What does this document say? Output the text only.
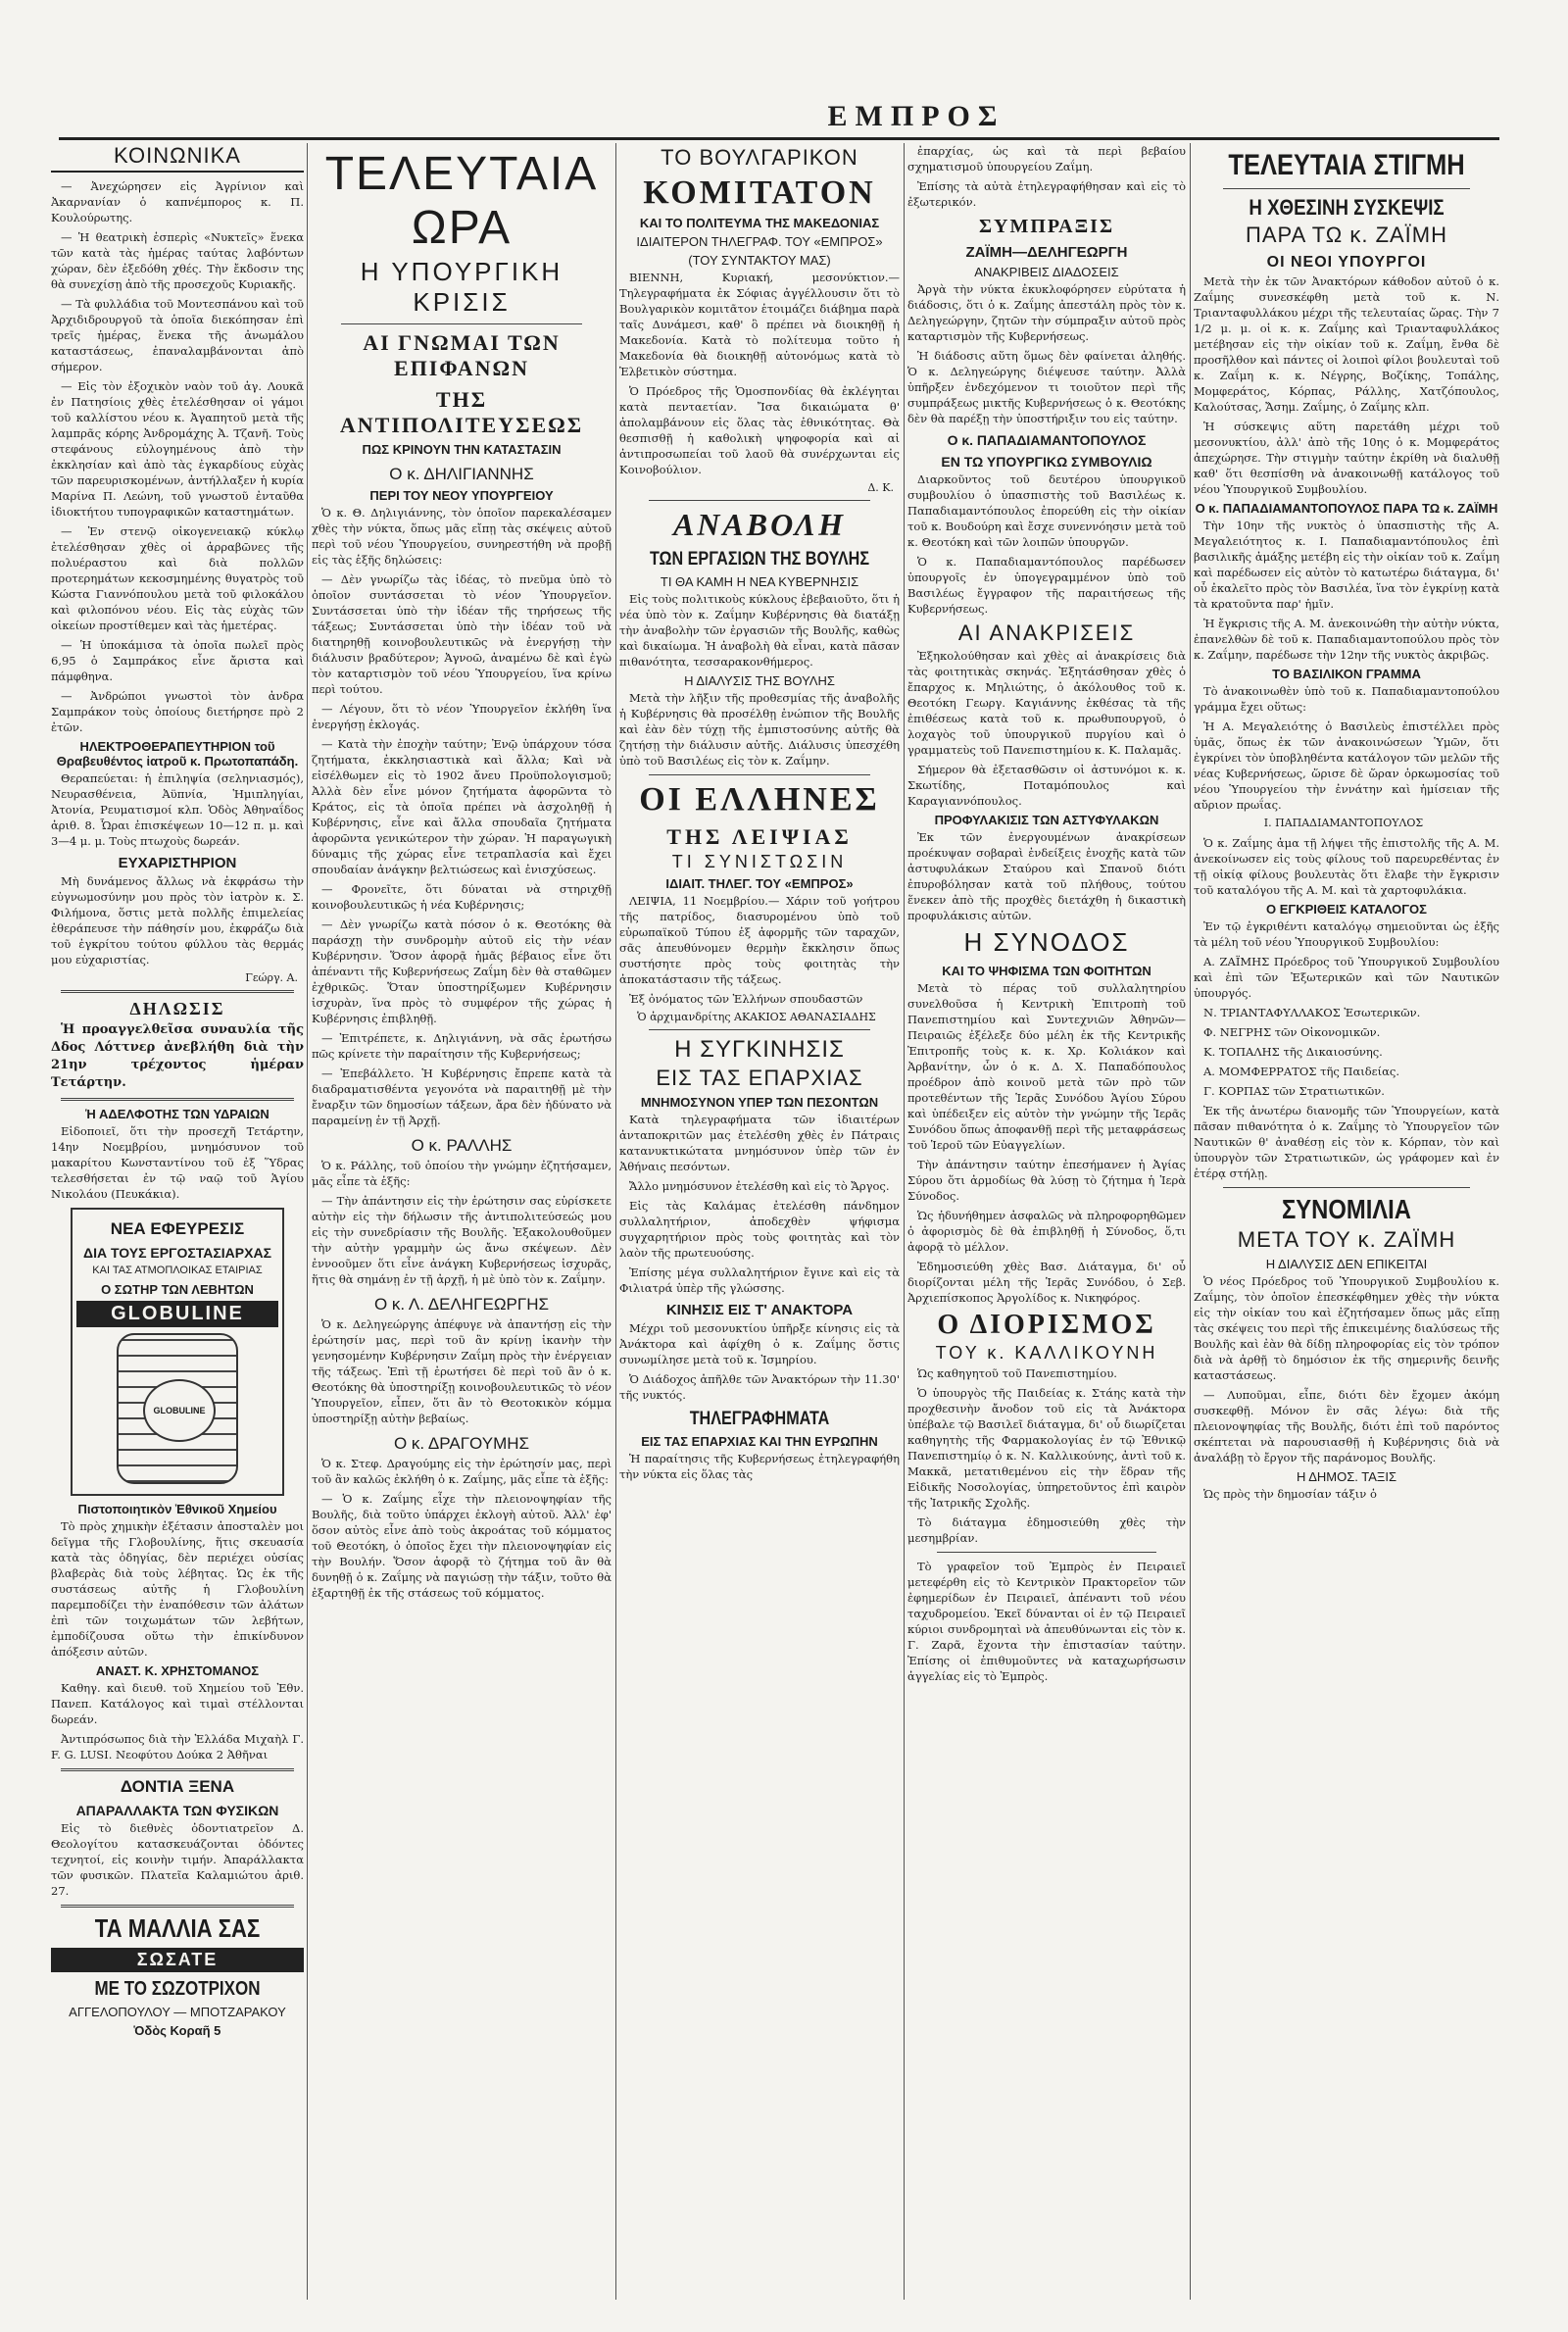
ΕΜΠΡΟΣ
ΚΟΙΝΩΝΙΚΑ

— Ἀνεχώρησεν εἰς Ἀγρίνιον καὶ Ἀκαρνανίαν ὁ καπνέμπορος κ. Π. Κουλούρωτης.

— Ἡ θεατρικὴ ἑσπερὶς «Νυκτεῖς» ἕνεκα τῶν κατὰ τὰς ἡμέρας ταύτας λαβόντων χώραν, δὲν ἐξεδόθη χθές. Τὴν ἔκδοσιν της θὰ συνεχίσῃ ἀπὸ τῆς προσεχοῦς Κυριακῆς.

— Τὰ φυλλάδια τοῦ Μοντεσπάνου καὶ τοῦ Ἀρχιδιδρουργοῦ τὰ ὁποῖα διεκόπησαν ἐπὶ τρεῖς ἡμέρας, ἕνεκα τῆς ἀνωμάλου καταστάσεως, ἐπαναλαμβάνονται ἀπὸ σήμερον.

— Εἰς τὸν ἐξοχικὸν ναὸν τοῦ ἁγ. Λουκᾶ ἐν Πατησίοις χθὲς ἐτελέσθησαν οἱ γάμοι τοῦ καλλίστου νέου κ. Ἀγαπητοῦ μετὰ τῆς λαμπρᾶς κόρης Ἀνδρομάχης Ἀ. Τζανῆ. Τοὺς στεφάνους εὐλογημένους ἀπὸ τὴν ἐκκλησίαν καὶ ἀπὸ τὰς ἐγκαρδίους εὐχὰς τῶν παρευρισκομένων, ἀντήλλαξεν ἡ κυρία Μαρίνα Π. Λεώνη, τοῦ γνωστοῦ ἐνταῦθα ἰδιοκτήτου τυπογραφικῶν καταστημάτων.

— Ἐν στενῷ οἰκογενειακῷ κύκλῳ ἐτελέσθησαν χθὲς οἱ ἀρραβῶνες τῆς πολυέραστου καὶ διὰ πολλῶν προτερημάτων κεκοσμημένης θυγατρὸς τοῦ Κώστα Γιαννόπουλου μετὰ τοῦ φιλοκάλου καὶ φιλοπόνου νέου. Εἰς τὰς εὐχὰς τῶν οἰκείων προστίθεμεν καὶ τὰς ἡμετέρας.

— Ἡ ὑποκάμισα τὰ ὁποῖα πωλεῖ πρὸς 6,95 ὁ Σαμπράκος εἶνε ἄριστα καὶ πάμφθηνα.

— Ἀνδρώποι γνωστοὶ τὸν ἀνδρα Σαμπράκον τοὺς ὁποίους διετήρησε πρὸ 2 ἐτῶν.

ΗΛΕΚΤΡΟΘΕΡΑΠΕΥΤΗΡΙΟΝ τοῦ Θραβευθέντος ἰατροῦ κ. Πρωτοπαπάδη.

Θεραπεύεται: ἡ ἐπιληψία (σεληνιασμός), Νευρασθένεια, Ἀϋπνία, Ἡμιπληγίαι, Ἀτονία, Ρευματισμοί κλπ. Ὁδὸς Ἀθηναΐδος ἀριθ. 8. Ὧραι ἐπισκέψεων 10—12 π. μ. καὶ 3—4 μ. μ. Τοὺς πτωχοὺς δωρεάν.

ΕΥΧΑΡΙΣΤΗΡΙΟΝ

Μὴ δυνάμενος ἄλλως νὰ ἐκφράσω τὴν εὐγνωμοσύνην μου πρὸς τὸν ἰατρὸν κ. Σ. Φιλήμονα, ὅστις μετὰ πολλῆς ἐπιμελείας ἐθεράπευσε τὴν πάθησίν μου, ἐκφράζω διὰ τοῦ ἐγκρίτου τούτου φύλλου τὰς θερμάς μου εὐχαριστίας.

Γεώργ. Α.
ΔΗΛΩΣΙΣ

Ἡ προαγγελθεῖσα συναυλία τῆς Δδος Λόττνερ ἀνεβλήθη διὰ τὴν 21ην τρέχοντος ἡμέραν Τετάρτην.

Ἡ ΑΔΕΛΦΟΤΗΣ ΤΩΝ ΥΔΡΑΙΩΝ

Εἰδοποιεῖ, ὅτι τὴν προσεχῆ Τετάρτην, 14ην Νοεμβρίου, μνημόσυνον τοῦ μακαρίτου Κωνσταντίνου τοῦ ἐξ Ὕδρας τελεσθήσεται ἐν τῷ ναῷ τοῦ Ἁγίου Νικολάου (Πευκάκια).

ΝΕΑ ΕΦΕΥΡΕΣΙΣ
ΔΙΑ ΤΟΥΣ ΕΡΓΟΣΤΑΣΙΑΡΧΑΣ
ΚΑΙ ΤΑΣ ΑΤΜΟΠΛΟΙΚΑΣ ΕΤΑΙΡΙΑΣ
Ο ΣΩΤΗΡ ΤΩΝ ΛΕΒΗΤΩΝ
GLOBULINE
GLOBULINE
Πιστοποιητικὸν Ἐθνικοῦ Χημείου

Τὸ πρὸς χημικὴν ἐξέτασιν ἀποσταλὲν μοι δεῖγμα τῆς Γλοβουλίνης, ἥτις σκευασία κατὰ τὰς ὁδηγίας, δὲν περιέχει οὐσίας βλαβερὰς διὰ τοὺς λέβητας. Ὡς ἐκ τῆς συστάσεως αὐτῆς ἡ Γλοβουλίνη παρεμποδίζει τὴν ἐναπόθεσιν τῶν ἀλάτων ἐπὶ τῶν τοιχωμάτων τῶν λεβήτων, ἐμποδίζουσα οὕτω τὴν ἐπικίνδυνον ἀπόξεσιν αὐτῶν.

ΑΝΑΣΤ. Κ. ΧΡΗΣΤΟΜΑΝΟΣ

Καθηγ. καὶ διευθ. τοῦ Χημείου τοῦ Ἐθν. Πανεπ. Κατάλογος καὶ τιμαὶ στέλλονται δωρεάν.

Ἀντιπρόσωπος διὰ τὴν Ἑλλάδα Μιχαὴλ Γ. F. G. LUSI. Νεοφύτου Δούκα 2 Ἀθῆναι

ΔΟΝΤΙΑ ΞΕΝΑ
ΑΠΑΡΑΛΛΑΚΤΑ ΤΩΝ ΦΥΣΙΚΩΝ

Εἰς τὸ διεθνὲς ὀδοντιατρεῖον Δ. Θεολογίτου κατασκευάζονται ὀδόντες τεχνητοί, εἰς κοινὴν τιμήν. Ἀπαράλλακτα τῶν φυσικῶν. Πλατεῖα Καλαμιώτου ἀριθ. 27.

ΤΑ ΜΑΛΛΙΑ ΣΑΣ
ΣΩΣΑΤΕ
ΜΕ ΤΟ ΣΩΖΟΤΡΙΧΟΝ
ΑΓΓΕΛΟΠΟΥΛΟΥ — ΜΠΟΤΖΑΡΑΚΟΥ
Ὁδὸς Κοραῆ 5
ΤΕΛΕΥΤΑΙΑ ΩΡΑ
Η ΥΠΟΥΡΓΙΚΗ ΚΡΙΣΙΣ
ΑΙ ΓΝΩΜΑΙ ΤΩΝ ΕΠΙΦΑΝΩΝ
ΤΗΣ ΑΝΤΙΠΟΛΙΤΕΥΣΕΩΣ
ΠΩΣ ΚΡΙΝΟΥΝ ΤΗΝ ΚΑΤΑΣΤΑΣΙΝ
Ο κ. ΔΗΛΙΓΙΑΝΝΗΣ
ΠΕΡΙ ΤΟΥ ΝΕΟΥ ΥΠΟΥΡΓΕΙΟΥ

Ὁ κ. Θ. Δηλιγιάννης, τὸν ὁποῖον παρεκαλέσαμεν χθὲς τὴν νύκτα, ὅπως μᾶς εἴπῃ τὰς σκέψεις αὐτοῦ περὶ τοῦ νέου Ὑπουργείου, συνηρεστήθη νὰ προβῇ εἰς τὰς ἑξῆς δηλώσεις:

— Δὲν γνωρίζω τὰς ἰδέας, τὸ πνεῦμα ὑπὸ τὸ ὁποῖον συντάσσεται τὸ νέον Ὑπουργεῖον. Συντάσσεται ὑπὸ τὴν ἰδέαν τῆς τηρήσεως τῆς τάξεως; Συντάσσεται ὑπὸ τὴν ἰδέαν τοῦ νὰ διατηρηθῇ κοινοβουλευτικῶς νὰ ἐνεργήσῃ τὴν διάλυσιν βραδύτερον; Ἀγνοῶ, ἀναμένω δὲ καὶ ἐγὼ τὸν καταρτισμὸν τοῦ νέου Ὑπουργείου, ἵνα κρίνω περὶ τούτου.

— Λέγουν, ὅτι τὸ νέον Ὑπουργεῖον ἐκλήθη ἵνα ἐνεργήσῃ ἐκλογάς.

— Κατὰ τὴν ἐποχὴν ταύτην; Ἐνῷ ὑπάρχουν τόσα ζητήματα, ἐκκλησιαστικὰ καὶ ἄλλα; Καὶ νὰ εἰσέλθωμεν εἰς τὸ 1902 ἄνευ Προϋπολογισμοῦ; Ἀλλὰ δὲν εἶνε μόνον ζητήματα ἀφορῶντα τὸ Κράτος, εἰς τὰ ὁποῖα πρέπει νὰ ἀσχοληθῇ ἡ Κυβέρνησις, εἶνε καὶ ἄλλα σπουδαῖα ζητήματα ἀφορῶντα γενικώτερον τὴν χώραν. Ἡ παραγωγικὴ δύναμις τῆς χώρας εἶνε τετραπλασία καὶ ἔχει σπουδαίαν ἀνάγκην βελτιώσεως καὶ ἐνισχύσεως.

— Φρονεῖτε, ὅτι δύναται νὰ στηριχθῇ κοινοβουλευτικῶς ἡ νέα Κυβέρνησις;

— Δὲν γνωρίζω κατὰ πόσον ὁ κ. Θεοτόκης θὰ παράσχῃ τὴν συνδρομὴν αὐτοῦ εἰς τὴν νέαν Κυβέρνησιν. Ὅσον ἀφορᾷ ἡμᾶς βέβαιος εἶνε ὅτι ἀπέναντι τῆς Κυβερνήσεως Ζαΐμη δὲν θὰ σταθῶμεν ἐχθρικῶς. Ὅταν ὑποστηρίξωμεν Κυβέρνησιν ἰσχυρὰν, ἵνα πρὸς τὸ συμφέρον τῆς χώρας ἡ Κυβέρνησις ἐπιβληθῇ.

— Ἐπιτρέπετε, κ. Δηλιγιάννη, νὰ σᾶς ἐρωτήσω πῶς κρίνετε τὴν παραίτησιν τῆς Κυβερνήσεως;

— Ἐπεβάλλετο. Ἡ Κυβέρνησις ἔπρεπε κατὰ τὰ διαδραματισθέντα γεγονότα νὰ παραιτηθῇ μὲ τὴν ἔναρξιν τῶν δημοσίων τάξεων, ἄρα δὲν ἠδύνατο νὰ παραμείνῃ ἐν τῇ Ἀρχῇ.

Ο κ. ΡΑΛΛΗΣ

Ὁ κ. Ράλλης, τοῦ ὁποίου τὴν γνώμην ἐζητήσαμεν, μᾶς εἶπε τὰ ἑξῆς:

— Τὴν ἀπάντησιν εἰς τὴν ἐρώτησιν σας εὑρίσκετε αὐτὴν εἰς τὴν δήλωσιν τῆς ἀντιπολιτεύσεώς μου εἰς τὴν συνεδρίασιν τῆς Βουλῆς. Ἐξακολουθοῦμεν τὴν αὐτὴν γραμμὴν ὡς ἄνω σκέψεων. Δὲν ἐννοοῦμεν ὅτι εἶνε ἀνάγκη Κυβερνήσεως ἰσχυρᾶς, ἥτις θὰ σημάνῃ ἐν τῇ ἀρχῇ, ἡ μὲ ὑπὸ τὸν κ. Ζαΐμην.

Ο κ. Λ. ΔΕΛΗΓΕΩΡΓΗΣ

Ὁ κ. Δεληγεώργης ἀπέφυγε νὰ ἀπαντήσῃ εἰς τὴν ἐρώτησίν μας, περὶ τοῦ ἂν κρίνῃ ἱκανὴν τὴν γενησομένην Κυβέρνησιν Ζαΐμη πρὸς τὴν ἐνέργειαν τῆς τάξεως. Ἐπὶ τῇ ἐρωτήσει δὲ περὶ τοῦ ἂν ὁ κ. Θεοτόκης θὰ ὑποστηρίξῃ κοινοβουλευτικῶς τὸ νέον Ὑπουργεῖον, εἶπεν, ὅτι ἂν τὸ Θεοτοκικὸν κόμμα ὑποστηρίξῃ αὐτὴν βεβαίως.

Ο κ. ΔΡΑΓΟΥΜΗΣ

Ὁ κ. Στεφ. Δραγούμης εἰς τὴν ἐρώτησίν μας, περὶ τοῦ ἂν καλῶς ἐκλήθη ὁ κ. Ζαΐμης, μᾶς εἶπε τὰ ἑξῆς:

— Ὁ κ. Ζαΐμης εἶχε τὴν πλειονοψηφίαν τῆς Βουλῆς, διὰ τοῦτο ὑπάρχει ἐκλογὴ αὐτοῦ. Ἀλλ' ἐφ' ὅσον αὐτὸς εἶνε ἀπὸ τοὺς ἀκροάτας τοῦ κόμματος τοῦ Θεοτόκη, ὁ ὁποῖος ἔχει τὴν πλειονοψηφίαν εἰς τὴν Βουλήν. Ὅσον ἀφορᾷ τὸ ζήτημα τοῦ ἂν θὰ δυνηθῇ ὁ κ. Ζαΐμης νὰ παγιώσῃ τὴν τάξιν, τοῦτο θὰ ἐξαρτηθῇ ἐκ τῆς στάσεως τοῦ κόμματος.

ΤΟ ΒΟΥΛΓΑΡΙΚΟΝ
ΚΟΜΙΤΑΤΟΝ
ΚΑΙ ΤΟ ΠΟΛΙΤΕΥΜΑ ΤΗΣ ΜΑΚΕΔΟΝΙΑΣ
ΙΔΙΑΙΤΕΡΟΝ ΤΗΛΕΓΡΑΦ. ΤΟΥ «ΕΜΠΡΟΣ»
(ΤΟΥ ΣΥΝΤΑΚΤΟΥ ΜΑΣ)

ΒΙΕΝΝΗ, Κυριακή, μεσονύκτιον.— Τηλεγραφήματα ἐκ Σόφιας ἀγγέλλουσιν ὅτι τὸ Βουλγαρικὸν κομιτᾶτον ἑτοιμάζει διάβημα παρὰ ταῖς Δυνάμεσι, καθ' ὃ πρέπει νὰ διοικηθῇ ἡ Μακεδονία. Κατὰ τὸ πολίτευμα τοῦτο ἡ Μακεδονία θὰ διοικηθῇ αὐτονόμως κατὰ τὸ Ἑλβετικὸν σύστημα.

Ὁ Πρόεδρος τῆς Ὁμοσπονδίας θὰ ἐκλέγηται κατὰ πενταετίαν. Ἴσα δικαιώματα θ' ἀπολαμβάνουν εἰς ὅλας τὰς ἐθνικότητας. Θὰ θεσπισθῇ ἡ καθολικὴ ψηφοφορία καὶ αἱ ἀντιπροσωπείαι τοῦ λαοῦ θὰ συνέρχωνται εἰς Κοινοβούλιον.

Δ. Κ.
ΑΝΑΒΟΛΗ
ΤΩΝ ΕΡΓΑΣΙΩΝ ΤΗΣ ΒΟΥΛΗΣ
ΤΙ ΘΑ ΚΑΜΗ Η ΝΕΑ ΚΥΒΕΡΝΗΣΙΣ

Εἰς τοὺς πολιτικοὺς κύκλους ἐβεβαιοῦτο, ὅτι ἡ νέα ὑπὸ τὸν κ. Ζαΐμην Κυβέρνησις θὰ διατάξῃ τὴν ἀναβολὴν τῶν ἐργασιῶν τῆς Βουλῆς, καθὼς καὶ δικαίωμα. Ἡ ἀναβολὴ θὰ εἶναι, κατὰ πᾶσαν πιθανότητα, τεσσαρακονθήμερος.

Η ΔΙΑΛΥΣΙΣ ΤΗΣ ΒΟΥΛΗΣ

Μετὰ τὴν λῆξιν τῆς προθεσμίας τῆς ἀναβολῆς ἡ Κυβέρνησις θὰ προσέλθῃ ἐνώπιον τῆς Βουλῆς καὶ ἐὰν δὲν τύχῃ τῆς ἐμπιστοσύνης αὐτῆς θὰ ζητήσῃ τὴν διάλυσιν αὐτῆς. Διάλυσις ὑπεσχέθη ὑπὸ τοῦ Βασιλέως εἰς τὸν κ. Ζαΐμην.

ΟΙ ΕΛΛΗΝΕΣ
ΤΗΣ ΛΕΙΨΙΑΣ
ΤΙ ΣΥΝΙΣΤΩΣΙΝ
ΙΔΙΑΙΤ. ΤΗΛΕΓ. ΤΟΥ «ΕΜΠΡΟΣ»

ΛΕΙΨΙΑ, 11 Νοεμβρίου.— Χάριν τοῦ γοήτρου τῆς πατρίδος, διασυρομένου ὑπὸ τοῦ εὐρωπαϊκοῦ Τύπου ἐξ ἀφορμῆς τῶν ταραχῶν, σᾶς ἀπευθύνομεν θερμὴν ἔκκλησιν ὅπως συστήσητε πρὸς τοὺς φοιτητὰς τὴν ἀποκατάστασιν τῆς τάξεως.

Ἐξ ὀνόματος τῶν Ἑλλήνων σπουδαστῶν

Ὁ ἀρχιμανδρίτης ΑΚΑΚΙΟΣ ΑΘΑΝΑΣΙΑΔΗΣ
Η ΣΥΓΚΙΝΗΣΙΣ
ΕΙΣ ΤΑΣ ΕΠΑΡΧΙΑΣ
ΜΝΗΜΟΣΥΝΟΝ ΥΠΕΡ ΤΩΝ ΠΕΣΟΝΤΩΝ

Κατὰ τηλεγραφήματα τῶν ἰδιαιτέρων ἀνταποκριτῶν μας ἐτελέσθη χθὲς ἐν Πάτραις κατανυκτικώτατα μνημόσυνον ὑπὲρ τῶν ἐν Ἀθήναις πεσόντων.

Ἄλλο μνημόσυνον ἐτελέσθη καὶ εἰς τὸ Ἄργος.

Εἰς τὰς Καλάμας ἐτελέσθη πάνδημον συλλαλητήριον, ἀποδεχθὲν ψήφισμα συγχαρητήριον πρὸς τοὺς φοιτητὰς καὶ τὸν λαὸν τῆς πρωτευούσης.

Ἐπίσης μέγα συλλαλητήριον ἔγινε καὶ εἰς τὰ Φιλιατρά ὑπὲρ τῆς γλώσσης.

ΚΙΝΗΣΙΣ ΕΙΣ Τ' ΑΝΑΚΤΟΡΑ

Μέχρι τοῦ μεσονυκτίου ὑπῆρξε κίνησις εἰς τὰ Ἀνάκτορα καὶ ἀφίχθη ὁ κ. Ζαΐμης ὅστις συνωμίλησε μετὰ τοῦ κ. Ἰσμηρίου.

Ὁ Διάδοχος ἀπῆλθε τῶν Ἀνακτόρων τὴν 11.30' τῆς νυκτός.

ΤΗΛΕΓΡΑΦΗΜΑΤΑ
ΕΙΣ ΤΑΣ ΕΠΑΡΧΙΑΣ ΚΑΙ ΤΗΝ ΕΥΡΩΠΗΝ

Ἡ παραίτησις τῆς Κυβερνήσεως ἐτηλεγραφήθη τὴν νύκτα εἰς ὅλας τὰς

ἐπαρχίας, ὡς καὶ τὰ περὶ βεβαίου σχηματισμοῦ ὑπουργείου Ζαΐμη.

Ἐπίσης τὰ αὐτὰ ἐτηλεγραφήθησαν καὶ εἰς τὸ ἐξωτερικόν.

ΣΥΜΠΡΑΞΙΣ
ΖΑΪΜΗ—ΔΕΛΗΓΕΩΡΓΗ
ΑΝΑΚΡΙΒΕΙΣ ΔΙΑΔΟΣΕΙΣ

Ἀργὰ τὴν νύκτα ἐκυκλοφόρησεν εὐρύτατα ἡ διάδοσις, ὅτι ὁ κ. Ζαΐμης ἀπεστάλη πρὸς τὸν κ. Δεληγεώργην, ζητῶν τὴν σύμπραξιν αὐτοῦ πρὸς καταρτισμὸν τῆς Κυβερνήσεως.

Ἡ διάδοσις αὕτη ὅμως δὲν φαίνεται ἀληθής. Ὁ κ. Δεληγεώργης διέψευσε ταύτην. Ἀλλὰ ὑπῆρξεν ἐνδεχόμενον τι τοιοῦτον περὶ τῆς συμπράξεως μικτῆς Κυβερνήσεως ὁ κ. Θεοτόκης δὲν θὰ παρέξῃ τὴν ὑποστήριξιν του εἰς ταύτην.

Ο κ. ΠΑΠΑΔΙΑΜΑΝΤΟΠΟΥΛΟΣ
ΕΝ ΤΩ ΥΠΟΥΡΓΙΚΩ ΣΥΜΒΟΥΛΙΩ

Διαρκοῦντος τοῦ δευτέρου ὑπουργικοῦ συμβουλίου ὁ ὑπασπιστὴς τοῦ Βασιλέως κ. Παπαδιαμαντόπουλος ἐπορεύθη εἰς τὴν οἰκίαν τοῦ κ. Βουδούρη καὶ ἔσχε συνεννόησιν μετὰ τοῦ κ. Θεοτόκη καὶ τῶν λοιπῶν ὑπουργῶν.

Ὁ κ. Παπαδιαμαντόπουλος παρέδωσεν ὑπουργοῖς ἐν ὑπογεγραμμένον ὑπὸ τοῦ Βασιλέως ἔγγραφον τῆς παραιτήσεως τῆς Κυβερνήσεως.

ΑΙ ΑΝΑΚΡΙΣΕΙΣ

Ἐξηκολούθησαν καὶ χθὲς αἱ ἀνακρίσεις διὰ τὰς φοιτητικὰς σκηνάς. Ἐξητάσθησαν χθὲς ὁ ἔπαρχος κ. Μηλιώτης, ὁ ἀκόλουθος τοῦ κ. Θεοτόκη Γεωργ. Καγιάννης ἐκθέσας τὰ τῆς ἐπιθέσεως κατὰ τοῦ κ. πρωθυπουργοῦ, ὁ λοχαγὸς τοῦ ὑπουργικοῦ πυργίου καὶ ὁ γραμματεὺς τοῦ Πανεπιστημίου κ. Κ. Παλαμᾶς.

Σήμερον θὰ ἐξετασθῶσιν οἱ ἀστυνόμοι κ. κ. Σκωτίδης, Ποταμόπουλος καὶ Καραγιαννόπουλος.

ΠΡΟΦΥΛΑΚΙΣΙΣ ΤΩΝ ΑΣΤΥΦΥΛΑΚΩΝ

Ἐκ τῶν ἐνεργουμένων ἀνακρίσεων προέκυψαν σοβαραὶ ἐνδείξεις ἐνοχῆς κατὰ τῶν ἀστυφυλάκων Σταύρου καὶ Σπανοῦ διότι ἐπυροβόλησαν κατὰ τοῦ πλήθους, τούτου ἕνεκεν ἀπὸ τῆς προχθὲς διετάχθη ἡ δικαστικὴ προφυλάκισις αὐτῶν.

Η ΣΥΝΟΔΟΣ
ΚΑΙ ΤΟ ΨΗΦΙΣΜΑ ΤΩΝ ΦΟΙΤΗΤΩΝ

Μετὰ τὸ πέρας τοῦ συλλαλητηρίου συνελθοῦσα ἡ Κεντρικὴ Ἐπιτροπὴ τοῦ Πανεπιστημίου καὶ Συντεχνιῶν Ἀθηνῶν—Πειραιῶς ἐξέλεξε δύο μέλη ἐκ τῆς Κεντρικῆς Ἐπιτροπῆς τοὺς κ. κ. Χρ. Κολιάκον καὶ Ἀρβανίτην, ὧν ὁ κ. Δ. Χ. Παπαδόπουλος προέδρον ἀπὸ κοινοῦ μετὰ τῶν πρὸ τῶν προτεθέντων τῆς Ἱερᾶς Συνόδου Ἁγίου Σύρου καὶ ὑπέδειξεν εἰς αὐτὸν τὴν γνώμην τῆς Ἱερᾶς Συνόδου ὅπως ἀποφανθῇ περὶ τῆς μεταφράσεως τοῦ Ἱεροῦ τῶν Εὐαγγελίων.

Τὴν ἀπάντησιν ταύτην ἐπεσήμανεν ἡ Ἀγίας Σύρου ὅτι ἀρμοδίως θὰ λύσῃ τὸ ζήτημα ἡ Ἱερὰ Σύνοδος.

Ὡς ἠδυνήθημεν ἀσφαλῶς νὰ πληροφορηθῶμεν ὁ ἀφορισμὸς δὲ θὰ ἐπιβληθῇ ἡ Σύνοδος, ὅ,τι ἀφορᾷ τὸ μέλλον.

Ἐδημοσιεύθη χθὲς Βασ. Διάταγμα, δι' οὗ διορίζονται μέλη τῆς Ἱερᾶς Συνόδου, ὁ Σεβ. Ἀρχιεπίσκοπος Ἀργολίδος κ. Νικηφόρος.

Ο ΔΙΟΡΙΣΜΟΣ
ΤΟΥ κ. ΚΑΛΛΙΚΟΥΝΗ

Ὡς καθηγητοῦ τοῦ Πανεπιστημίου.

Ὁ ὑπουργὸς τῆς Παιδείας κ. Στάης κατὰ τὴν προχθεσινὴν ἄνοδον τοῦ εἰς τὰ Ἀνάκτορα ὑπέβαλε τῷ Βασιλεῖ διάταγμα, δι' οὗ διωρίζεται καθηγητὴς τῆς Φαρμακολογίας ἐν τῷ Ἐθνικῷ Πανεπιστημίῳ ὁ κ. Ν. Καλλικούνης, ἀντὶ τοῦ κ. Μακκᾶ, μετατιθεμένου εἰς τὴν ἕδραν τῆς Εἰδικῆς Νοσολογίας, ὑπηρετοῦντος ἐπὶ καιρὸν τῆς Ἰατρικῆς Σχολῆς.

Τὸ διάταγμα ἐδημοσιεύθη χθὲς τὴν μεσημβρίαν.

Τὸ γραφεῖον τοῦ Ἐμπρὸς ἐν Πειραιεῖ μετεφέρθη εἰς τὸ Κεντρικὸν Πρακτορεῖον τῶν ἐφημερίδων ἐν Πειραιεῖ, ἀπέναντι τοῦ νέου ταχυδρομείου. Ἐκεῖ δύνανται οἱ ἐν τῷ Πειραιεῖ κύριοι συνδρομηταὶ νὰ ἀπευθύνωνται εἰς τὸν κ. Γ. Ζαρᾶ, ἔχοντα τὴν ἐπιστασίαν ταύτην. Ἐπίσης οἱ ἐπιθυμοῦντες νὰ καταχωρήσωσιν ἀγγελίας εἰς τὸ Ἐμπρὸς.

ΤΕΛΕΥΤΑΙΑ ΣΤΙΓΜΗ
Η ΧΘΕΣΙΝΗ ΣΥΣΚΕΨΙΣ
ΠΑΡΑ ΤΩ κ. ΖΑΪΜΗ
ΟΙ ΝΕΟΙ ΥΠΟΥΡΓΟΙ

Μετὰ τὴν ἐκ τῶν Ἀνακτόρων κάθοδον αὐτοῦ ὁ κ. Ζαΐμης συνεσκέφθη μετὰ τοῦ κ. Ν. Τριανταφυλλάκου μέχρι τῆς τελευταίας ὥρας. Τὴν 7 1/2 μ. μ. οἱ κ. κ. Ζαΐμης καὶ Τριανταφυλλάκος μετέβησαν εἰς τὴν οἰκίαν τοῦ κ. Ζαΐμη, ἔνθα δὲ προσῆλθον καὶ πάντες οἱ λοιποὶ φίλοι βουλευταὶ τοῦ κ. Ζαΐμη κ. κ. Νέγρης, Βοζίκης, Τοπάλης, Μομφεράτος, Κόρπας, Ράλλης, Χατζόπουλος, Καλούτσας, Ἄσημ. Ζαΐμης, ὁ Ζαΐμης κλπ.

Ἡ σύσκεψις αὕτη παρετάθη μέχρι τοῦ μεσονυκτίου, ἀλλ' ἀπὸ τῆς 10ης ὁ κ. Μομφεράτος ἀπεχώρησε. Τὴν στιγμὴν ταύτην ἐκρίθη νὰ διαλυθῇ καθ' ὅτι θεσπίσθη νὰ ἀνακοινωθῇ κατάλογος τοῦ νέου Ὑπουργικοῦ Συμβουλίου.

Ο κ. ΠΑΠΑΔΙΑΜΑΝΤΟΠΟΥΛΟΣ ΠΑΡΑ ΤΩ κ. ΖΑΪΜΗ

Τὴν 10ην τῆς νυκτὸς ὁ ὑπασπιστὴς τῆς Α. Μεγαλειότητος κ. Ι. Παπαδιαμαντόπουλος ἐπὶ βασιλικῆς ἀμάξης μετέβη εἰς τὴν οἰκίαν τοῦ κ. Ζαΐμη καὶ παρέδωσεν εἰς αὐτὸν τὸ κατωτέρω διάταγμα, δι' οὗ ἐκαλεῖτο πρὸς τὸν Βασιλέα, ἵνα τὸν ἐγκρίνῃ κατὰ τὰ κρατοῦντα παρ' ἡμῖν.

Ἡ ἔγκρισις τῆς Α. Μ. ἀνεκοινώθη τὴν αὐτὴν νύκτα, ἐπανελθὼν δὲ τοῦ κ. Παπαδιαμαντοπούλου πρὸς τὸν κ. Ζαΐμην, παρέδωσε τὴν 12ην τῆς νυκτὸς ἀκριβῶς.

ΤΟ ΒΑΣΙΛΙΚΟΝ ΓΡΑΜΜΑ

Τὸ ἀνακοινωθὲν ὑπὸ τοῦ κ. Παπαδιαμαντοπούλου γράμμα ἔχει οὕτως:

Ἡ Α. Μεγαλειότης ὁ Βασιλεὺς ἐπιστέλλει πρὸς ὑμᾶς, ὅπως ἐκ τῶν ἀνακοινώσεων Ὑμῶν, ὅτι ἐγκρίνει τὸν ὑποβληθέντα κατάλογον τῶν μελῶν τῆς νέας Κυβερνήσεως, ὥρισε δὲ ὥραν ὁρκωμοσίας τοῦ νέου Ὑπουργείου τὴν ἐννάτην καὶ ἡμίσειαν τῆς αὔριον πρωΐας.

Ι. ΠΑΠΑΔΙΑΜΑΝΤΟΠΟΥΛΟΣ

Ὁ κ. Ζαΐμης ἀμα τῇ λήψει τῆς ἐπιστολῆς τῆς Α. Μ. ἀνεκοίνωσεν εἰς τοὺς φίλους τοῦ παρευρεθέντας ἐν τῇ οἰκίᾳ φίλους βουλευτὰς ὅτι ἔλαβε τὴν ἔγκρισιν τοῦ καταλόγου τῆς Α. Μ. καὶ τὰ χαρτοφυλάκια.

Ο ΕΓΚΡΙΘΕΙΣ ΚΑΤΑΛΟΓΟΣ

Ἐν τῷ ἐγκριθέντι καταλόγῳ σημειοῦνται ὡς ἑξῆς τὰ μέλη τοῦ νέου Ὑπουργικοῦ Συμβουλίου:

Α. ΖΑΪΜΗΣ Πρόεδρος τοῦ Ὑπουργικοῦ Συμβουλίου καὶ ἐπὶ τῶν Ἐξωτερικῶν καὶ τῶν Ναυτικῶν ὑπουργός.

Ν. ΤΡΙΑΝΤΑΦΥΛΛΑΚΟΣ Ἐσωτερικῶν.

Φ. ΝΕΓΡΗΣ τῶν Οἰκονομικῶν.

Κ. ΤΟΠΑΛΗΣ τῆς Δικαιοσύνης.

Α. ΜΟΜΦΕΡΡΑΤΟΣ τῆς Παιδείας.

Γ. ΚΟΡΠΑΣ τῶν Στρατιωτικῶν.

Ἐκ τῆς ἀνωτέρω διανομῆς τῶν Ὑπουργείων, κατὰ πᾶσαν πιθανότητα ὁ κ. Ζαΐμης τὸ Ὑπουργεῖον τῶν Ναυτικῶν θ' ἀναθέσῃ εἰς τὸν κ. Κόρπαν, τὸν καὶ ὑπουργὸν τῶν Στρατιωτικῶν, ὡς γράφομεν καὶ ἐν ἑτέρᾳ στήλῃ.

ΣΥΝΟΜΙΛΙΑ
ΜΕΤΑ ΤΟΥ κ. ΖΑΪΜΗ
Η ΔΙΑΛΥΣΙΣ ΔΕΝ ΕΠΙΚΕΙΤΑΙ

Ὁ νέος Πρόεδρος τοῦ Ὑπουργικοῦ Συμβουλίου κ. Ζαΐμης, τὸν ὁποῖον ἐπεσκέφθημεν χθὲς τὴν νύκτα εἰς τὴν οἰκίαν του καὶ ἐζητήσαμεν ὅπως μᾶς εἴπῃ τὰς σκέψεις του περὶ τῆς ἐπικειμένης διαλύσεως τῆς Βουλῆς καὶ ἐὰν θὰ δίδῃ πληροφορίας εἰς τὸν τρόπον διὰ νὰ ἀρθῇ τὸ δημόσιον ἐκ τῆς σημερινῆς δεινῆς καταστάσεως.

— Λυποῦμαι, εἶπε, διότι δὲν ἔχομεν ἀκόμη συσκεφθῇ. Μόνον ἓν σᾶς λέγω: διὰ τῆς πλειονοψηφίας τῆς Βουλῆς, διότι ἐπὶ τοῦ παρόντος σκέπτεται νὰ παρουσιασθῇ ἡ Κυβέρνησις διὰ νὰ ἀναλάβῃ τὸ ἔργον τῆς παράνομος Βουλῆς.

Η ΔΗΜΟΣ. ΤΑΞΙΣ

Ὡς πρὸς τὴν δημοσίαν τάξιν ὁ
